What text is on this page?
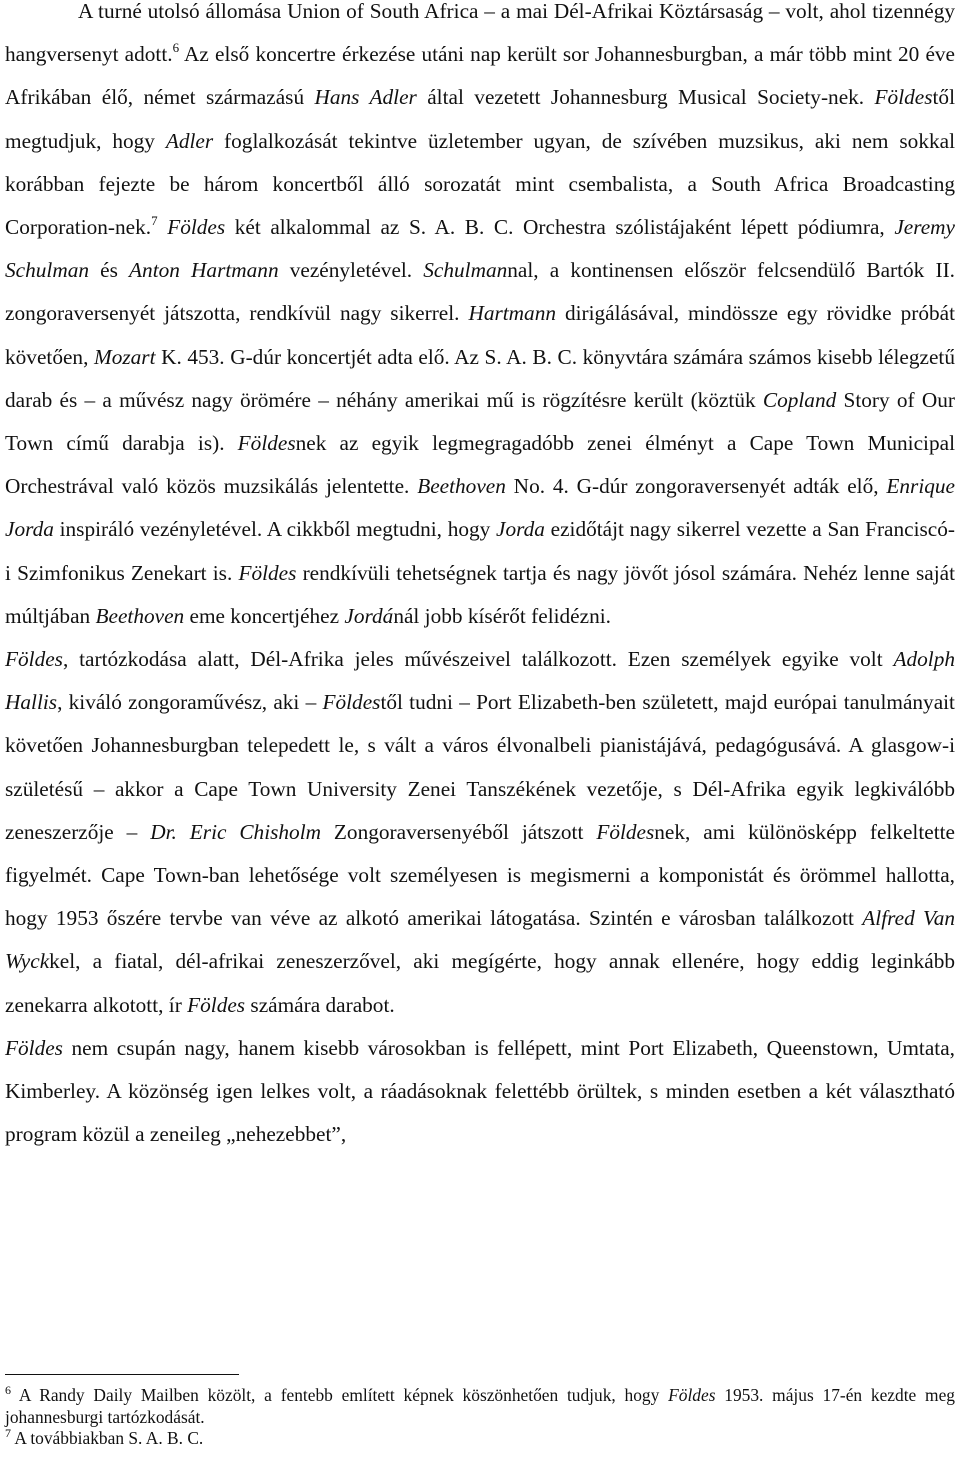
A turné utolsó állomása Union of South Africa – a mai Dél-Afrikai Köztársaság – volt, ahol tizennégy hangversenyt adott.$^6$ Az első koncertre érkezése utáni nap került sor Johannesburgban, a már több mint 20 éve Afrikában élő, német származású Hans Adler által vezetett Johannesburg Musical Society-nek. Földestől megtudjuk, hogy Adler foglalkozását tekintve üzletember ugyan, de szívében muzsikus, aki nem sokkal korábban fejezte be három koncertből álló sorozatát mint csembalista, a South Africa Broadcasting Corporation-nek.$^7$ Földes két alkalommal az S. A. B. C. Orchestra szólistájaként lépett pódiumra, Jeremy Schulman és Anton Hartmann vezényletével. Schulmannal, a kontinensen először felcsendülő Bartók II. zongoraversenyét játszotta, rendkívül nagy sikerrel. Hartmann dirigálásával, mindössze egy rövidke próbát követően, Mozart K. 453. G-dúr koncertjét adta elő. Az S. A. B. C. könyvtára számára számos kisebb lélegzetű darab és – a művész nagy örömére – néhány amerikai mű is rögzítésre került (köztük Copland Story of Our Town című darabja is). Földesnek az egyik legmegragadóbb zenei élményt a Cape Town Municipal Orchestrával való közös muzsikálás jelentette. Beethoven No. 4. G-dúr zongoraversenyét adták elő, Enrique Jorda inspiráló vezényletével. A cikkből megtudni, hogy Jorda ezidőtájt nagy sikerrel vezette a San Franciscó-i Szimfonikus Zenekart is. Földes rendkívüli tehetségnek tartja és nagy jövőt jósol számára. Nehéz lenne saját múltjában Beethoven eme koncertjéhez Jordánál jobb kísérőt felidézni.

Földes, tartózkodása alatt, Dél-Afrika jeles művészeivel találkozott. Ezen személyek egyike volt Adolph Hallis, kiváló zongoraművész, aki – Földestől tudni – Port Elizabeth-ben született, majd európai tanulmányait követően Johannesburgban telepedett le, s vált a város élvonalbeli pianistájává, pedagógusává. A glasgow-i születésű – akkor a Cape Town University Zenei Tanszékének vezetője, s Dél-Afrika egyik legkiválóbb zeneszerzője – Dr. Eric Chisholm Zongoraversenyéből játszott Földesnek, ami különösképp felkeltette figyelmét. Cape Town-ban lehetősége volt személyesen is megismerni a komponistát és örömmel hallotta, hogy 1953 őszére tervbe van véve az alkotó amerikai látogatása. Szintén e városban találkozott Alfred Van Wyckkel, a fiatal, dél-afrikai zeneszerzővel, aki megígérte, hogy annak ellenére, hogy eddig leginkább zenekarra alkotott, ír Földes számára darabot.

Földes nem csupán nagy, hanem kisebb városokban is fellépett, mint Port Elizabeth, Queenstown, Umtata, Kimberley. A közönség igen lelkes volt, a ráadásoknak felettébb örültek, s minden esetben a két választható program közül a zeneileg „nehezebbet”,

$^6$ A Randy Daily Mailben közölt, a fentebb említett képnek köszönhetően tudjuk, hogy Földes 1953. május 17-én kezdte meg johannesburgi tartózkodását.

$^7$ A továbbiakban S. A. B. C.
